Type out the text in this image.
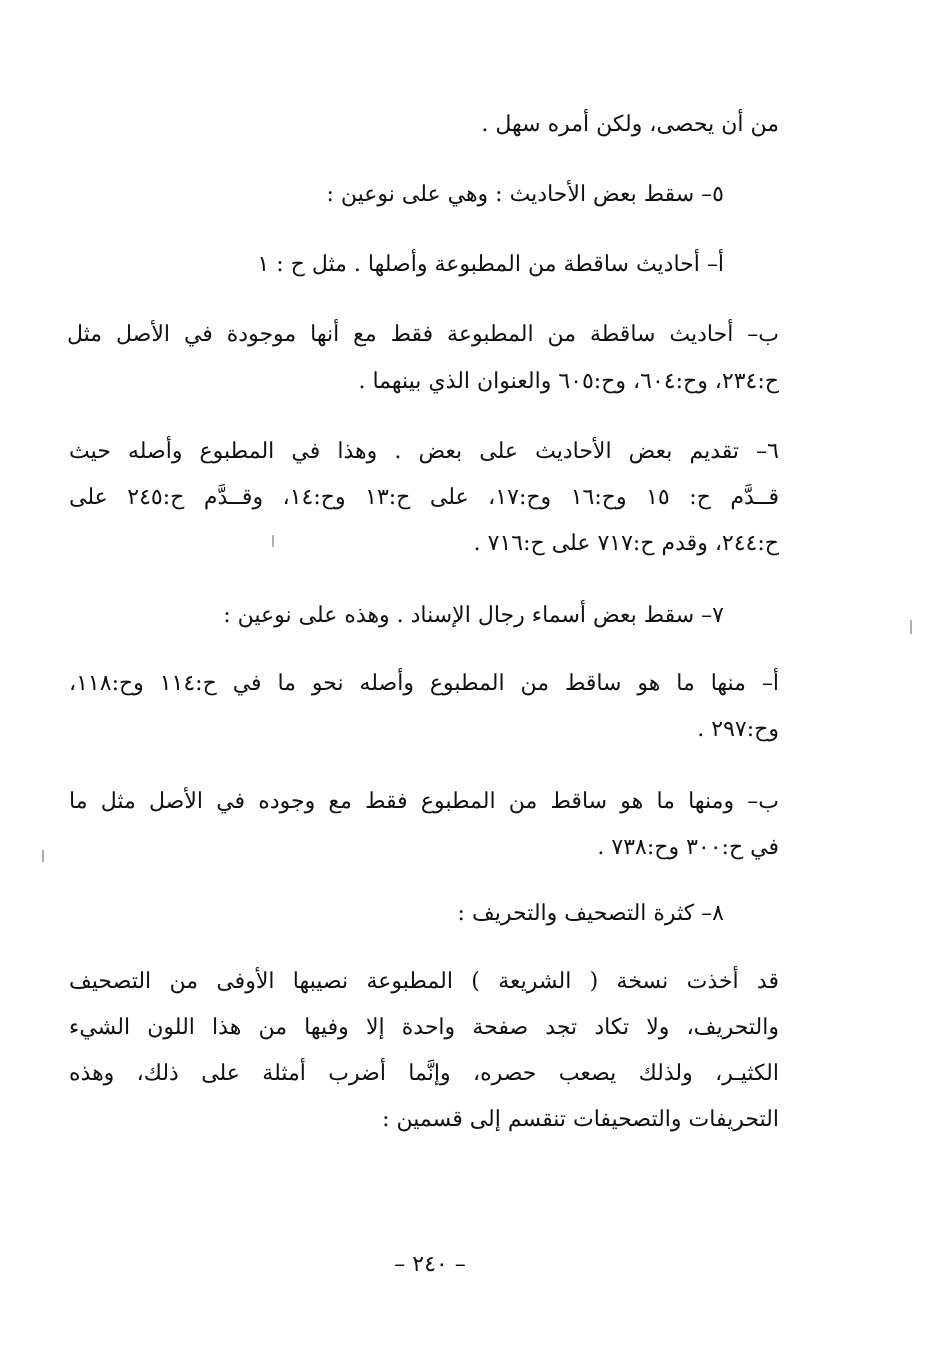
من أن يحصى، ولكن أمره سهل .
٥– سقط بعض الأحاديث : وهي على نوعين :
أ– أحاديث ساقطة من المطبوعة وأصلها . مثل ح : ١
ب– أحاديث ساقطة من المطبوعة فقط مع أنها موجودة في الأصل مثل
ح:٢٣٤، وح:٦٠٤، وح:٦٠٥ والعنوان الذي بينهما .
٦– تقديم بعض الأحاديث على بعض . وهذا في المطبوع وأصله حيث
قــدَّم ح: ١٥ وح:١٦ وح:١٧، على ح:١٣ وح:١٤، وقــدَّم ح:٢٤٥ على
ح:٢٤٤، وقدم ح:٧١٧ على ح:٧١٦ .
٧– سقط بعض أسماء رجال الإسناد . وهذه على نوعين :
أ– منها ما هو ساقط من المطبوع وأصله نحو ما في ح:١١٤ وح:١١٨،
وح:٢٩٧ .
ب– ومنها ما هو ساقط من المطبوع فقط مع وجوده في الأصل مثل ما
في ح:٣٠٠ وح:٧٣٨ .
٨– كثرة التصحيف والتحريف :
قد أخذت نسخة ( الشريعة ) المطبوعة نصيبها الأوفى من التصحيف
والتحريف، ولا تكاد تجد صفحة واحدة إلا وفيها من هذا اللون الشيء
الكثيـر، ولذلك يصعب حصره، وإنَّما أضرب أمثلة على ذلك، وهذه
التحريفات والتصحيفات تنقسم إلى قسمين :
– ٢٤٠ –
